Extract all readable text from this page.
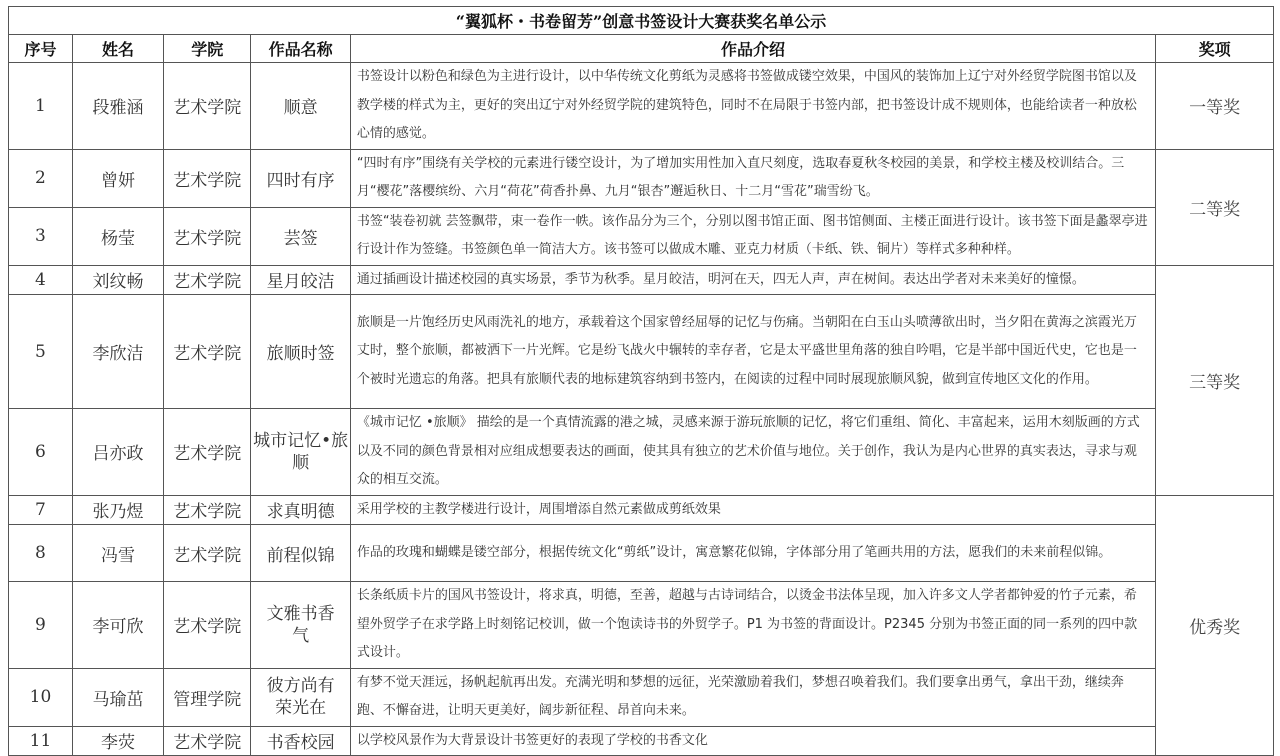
“翼狐杯・书卷留芳”创意书签设计大赛获奖名单公示					
序号	姓名	学院	作品名称	作品介绍	奖项
1	段雅涵	艺术学院	顺意	书签设计以粉色和绿色为主进行设计，以中华传统文化剪纸为灵感将书签做成镂空效果，中国风的装饰加上辽宁对外经贸学院图书馆以及教学楼的样式为主，更好的突出辽宁对外经贸学院的建筑特色，同时不在局限于书签内部，把书签设计成不规则体，也能给读者一种放松心情的感觉。	一等奖
2	曾妍	艺术学院	四时有序	“四时有序”围绕有关学校的元素进行镂空设计，为了增加实用性加入直尺刻度，选取春夏秋冬校园的美景，和学校主楼及校训结合。三月“樱花”落樱缤纷、六月“荷花”荷香扑鼻、九月“银杏”邂逅秋日、十二月“雪花”瑞雪纷飞。	二等奖
3	杨莹	艺术学院	芸签	书签“装卷初就 芸签飘带，束一卷作一帙。该作品分为三个，分别以图书馆正面、图书馆侧面、主楼正面进行设计。该书签下面是蠡翠亭进行设计作为签缝。书签颜色单一简洁大方。该书签可以做成木雕、亚克力材质（卡纸、铁、铜片）等样式多种种样。	
4	刘纹畅	艺术学院	星月皎洁	通过插画设计描述校园的真实场景，季节为秋季。星月皎洁，明河在天，四无人声，声在树间。表达出学者对未来美好的憧憬。	三等奖
5	李欣洁	艺术学院	旅顺时签	旅顺是一片饱经历史风雨洗礼的地方，承载着这个国家曾经屈辱的记忆与伤痛。当朝阳在白玉山头喷薄欲出时，当夕阳在黄海之滨霞光万丈时，整个旅顺，都被洒下一片光辉。它是纷飞战火中辗转的幸存者，它是太平盛世里角落的独自吟唱，它是半部中国近代史，它也是一个被时光遗忘的角落。把具有旅顺代表的地标建筑容纳到书签内，在阅读的过程中同时展现旅顺风貌，做到宣传地区文化的作用。	
6	吕亦政	艺术学院	城市记忆•旅顺	《城市记忆 •旅顺》 描绘的是一个真情流露的港之城，灵感来源于游玩旅顺的记忆，将它们重组、简化、丰富起来，运用木刻版画的方式以及不同的颜色背景相对应组成想要表达的画面，使其具有独立的艺术价值与地位。关于创作，我认为是内心世界的真实表达，寻求与观众的相互交流。	
7	张乃煜	艺术学院	求真明德	采用学校的主教学楼进行设计，周围增添自然元素做成剪纸效果	优秀奖
8	冯雪	艺术学院	前程似锦	作品的玫瑰和蝴蝶是镂空部分，根据传统文化“剪纸”设计，寓意繁花似锦，字体部分用了笔画共用的方法，愿我们的未来前程似锦。	
9	李可欣	艺术学院	文雅书香气	长条纸质卡片的国风书签设计，将求真，明德，至善，超越与古诗词结合，以烫金书法体呈现，加入许多文人学者都钟爱的竹子元素，希望外贸学子在求学路上时刻铭记校训，做一个饱读诗书的外贸学子。P1 为书签的背面设计。P2345 分别为书签正面的同一系列的四中款式设计。	
10	马瑜茁	管理学院	彼方尚有荣光在	有梦不觉天涯远，扬帆起航再出发。充满光明和梦想的远征，光荣激励着我们，梦想召唤着我们。我们要拿出勇气，拿出干劲，继续奔跑、不懈奋进，让明天更美好，阔步新征程、昂首向未来。	
11	李荧	艺术学院	书香校园	以学校风景作为大背景设计书签更好的表现了学校的书香文化	
